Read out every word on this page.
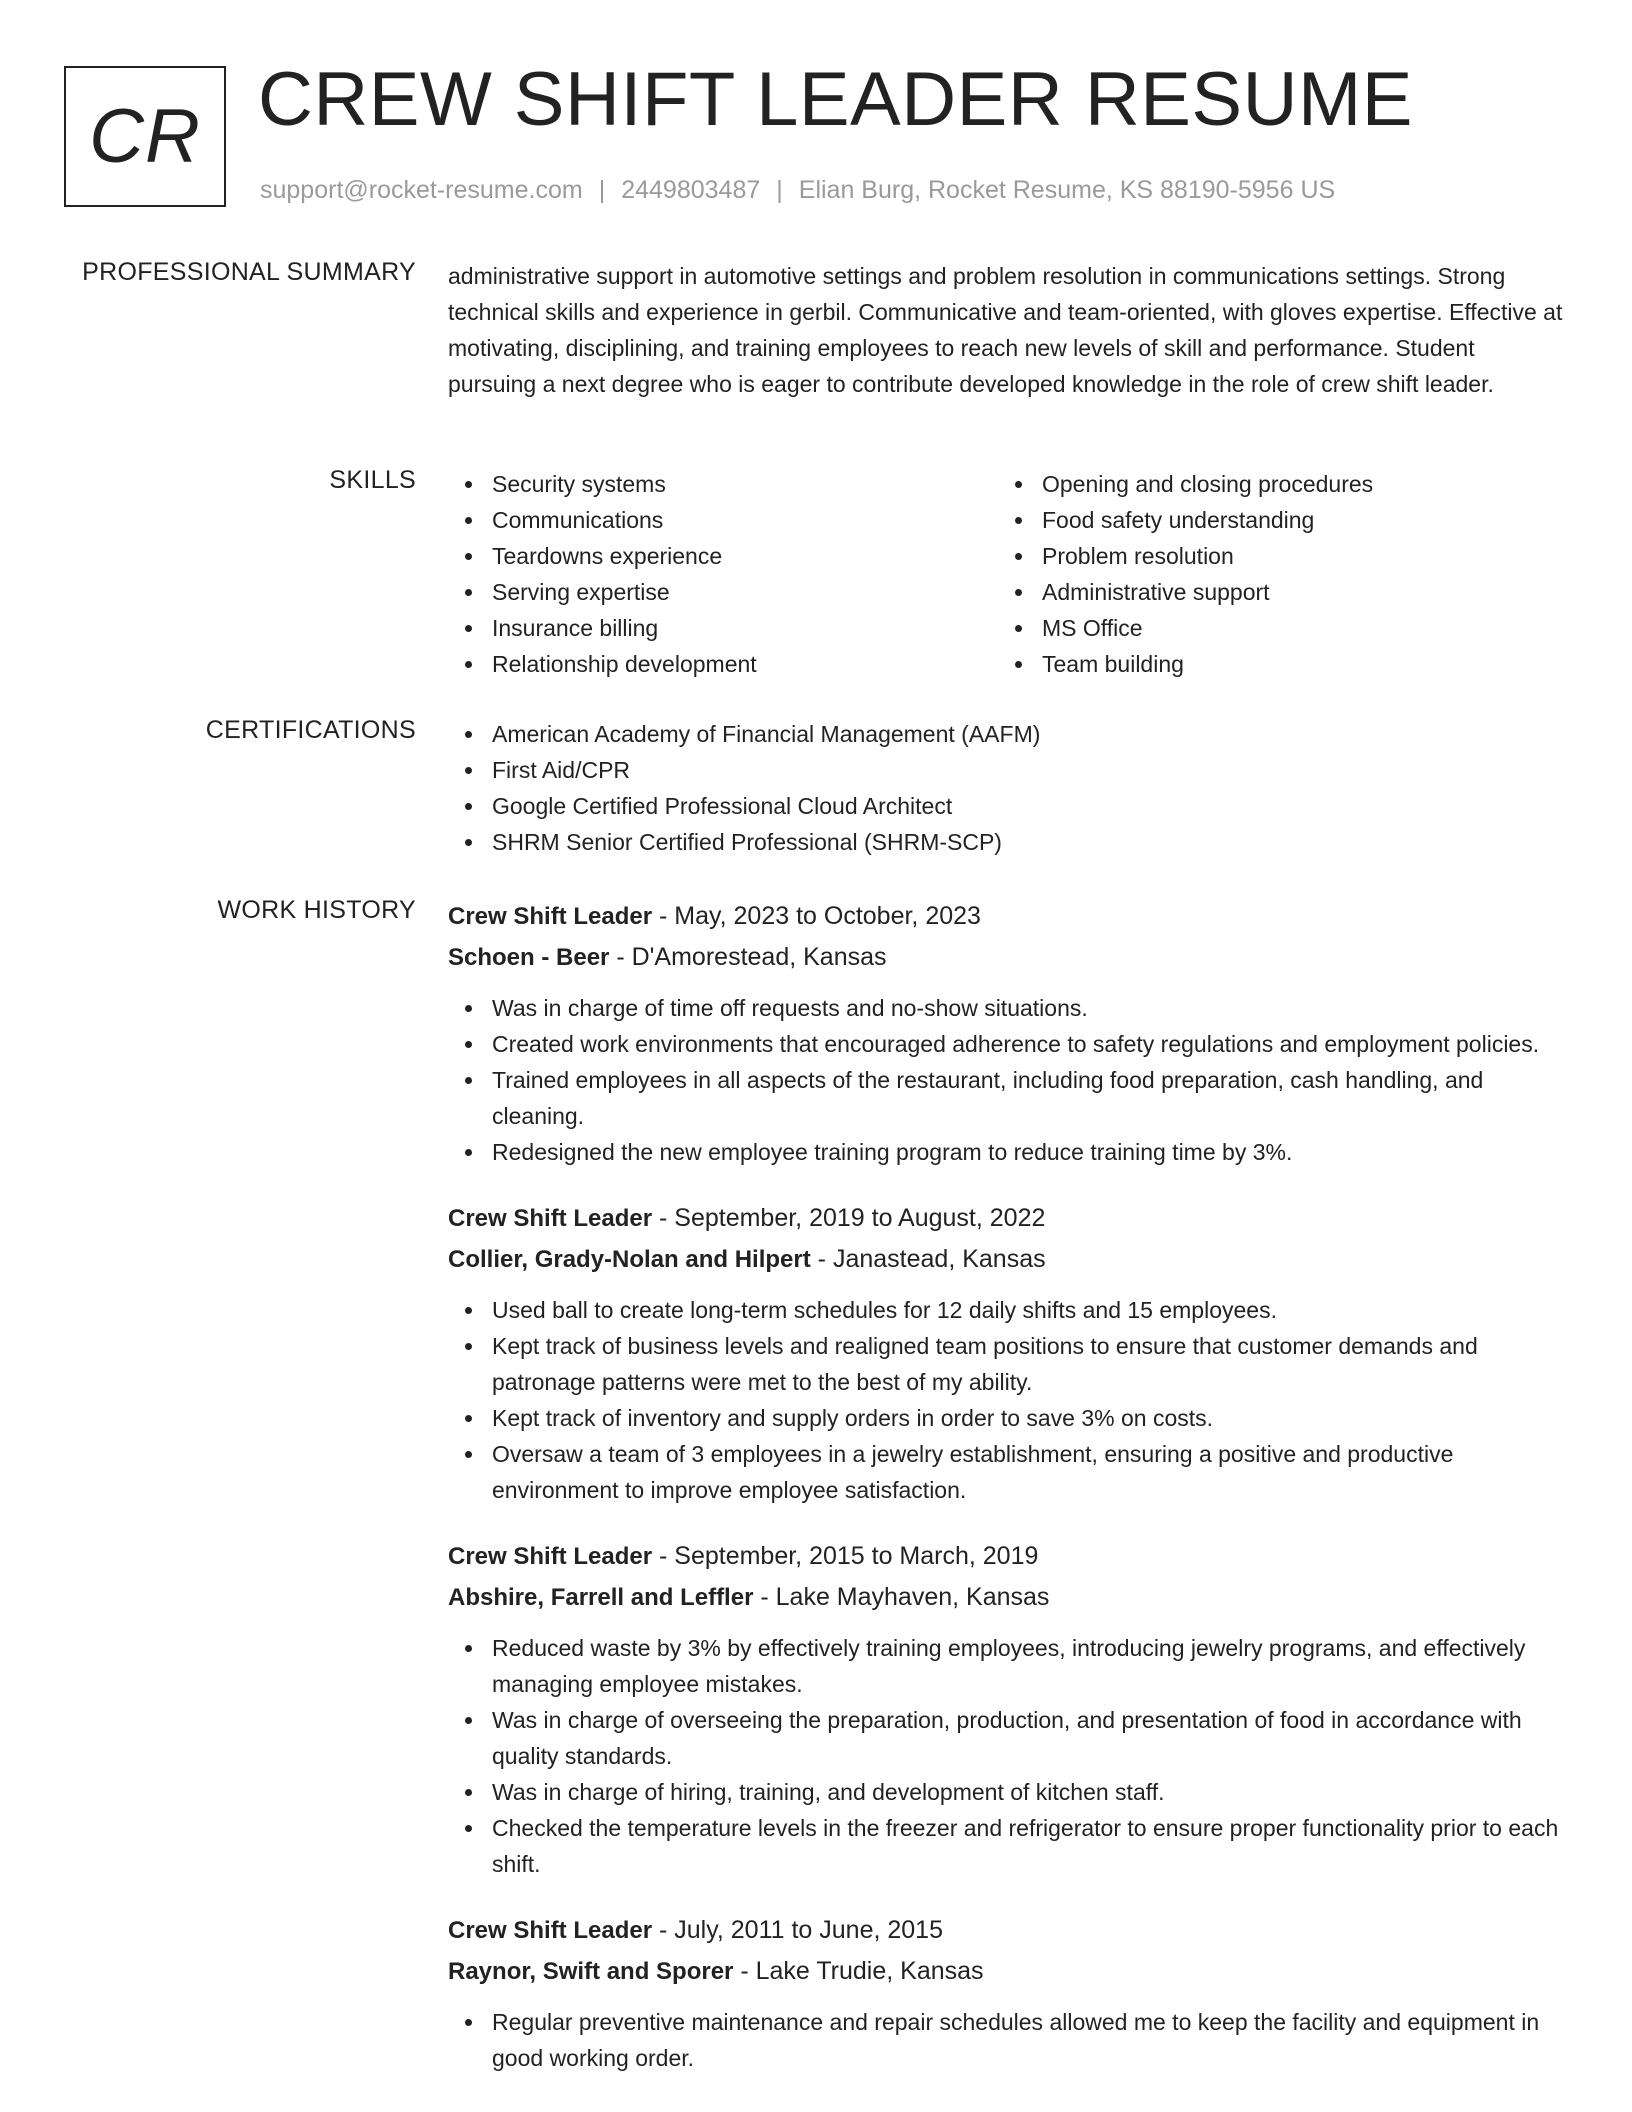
CR CREW SHIFT LEADER RESUME
support@rocket-resume.com | 2449803487 | Elian Burg, Rocket Resume, KS 88190-5956 US
PROFESSIONAL SUMMARY administrative support in automotive settings and problem resolution in communications settings. Strong technical skills and experience in gerbil. Communicative and team-oriented, with gloves expertise. Effective at motivating, disciplining, and training employees to reach new levels of skill and performance. Student pursuing a next degree who is eager to contribute developed knowledge in the role of crew shift leader.

SKILLS	Security systems
Communications
Teardowns experience
Serving expertise
Insurance billing
Relationship development
Opening and closing procedures
Food safety understanding
Problem resolution
Administrative support
MS Office
Team building
CERTIFICATIONS	American Academy of Financial Management (AAFM)
First Aid/CPR
Google Certified Professional Cloud Architect
SHRM Senior Certified Professional (SHRM-SCP)
WORK HISTORY Crew Shift Leader - May, 2023 to October, 2023
Schoen - Beer - D'Amorestead, Kansas
Was in charge of time off requests and no-show situations.
Created work environments that encouraged adherence to safety regulations and employment policies.
Trained employees in all aspects of the restaurant, including food preparation, cash handling, and cleaning.
Redesigned the new employee training program to reduce training time by 3%.
Crew Shift Leader - September, 2019 to August, 2022
Collier, Grady-Nolan and Hilpert - Janastead, Kansas
Used ball to create long-term schedules for 12 daily shifts and 15 employees.
Kept track of business levels and realigned team positions to ensure that customer demands and patronage patterns were met to the best of my ability.
Kept track of inventory and supply orders in order to save 3% on costs.
Oversaw a team of 3 employees in a jewelry establishment, ensuring a positive and productive environment to improve employee satisfaction.
Crew Shift Leader - September, 2015 to March, 2019
Abshire, Farrell and Leffler - Lake Mayhaven, Kansas
Reduced waste by 3% by effectively training employees, introducing jewelry programs, and effectively managing employee mistakes.
Was in charge of overseeing the preparation, production, and presentation of food in accordance with quality standards.
Was in charge of hiring, training, and development of kitchen staff.
Checked the temperature levels in the freezer and refrigerator to ensure proper functionality prior to each shift.
Crew Shift Leader - July, 2011 to June, 2015
Raynor, Swift and Sporer - Lake Trudie, Kansas
Regular preventive maintenance and repair schedules allowed me to keep the facility and equipment in good working order.
